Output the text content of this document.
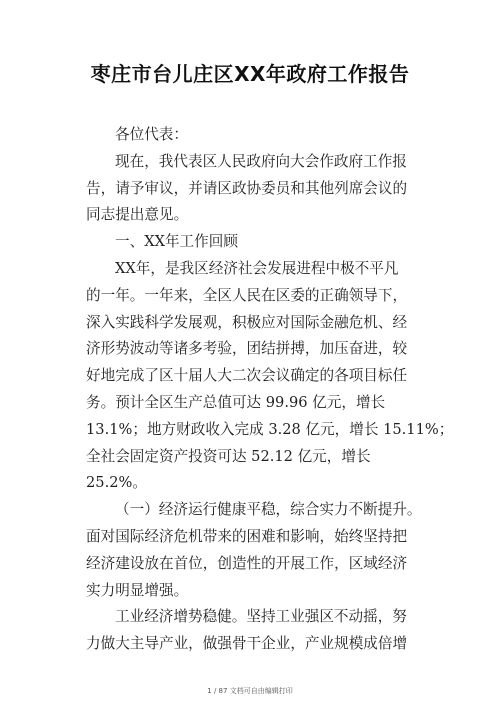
枣庄市台儿庄区XX年政府工作报告
各位代表：
现在，我代表区人民政府向大会作政府工作报
告，请予审议，并请区政协委员和其他列席会议的
同志提出意见。
一、XX年工作回顾
XX年，是我区经济社会发展进程中极不平凡
的一年。一年来，全区人民在区委的正确领导下，
深入实践科学发展观，积极应对国际金融危机、经
济形势波动等诸多考验，团结拼搏，加压奋进，较
好地完成了区十届人大二次会议确定的各项目标任
务。预计全区生产总值可达 99.96 亿元，增长
13.1%；地方财政收入完成 3.28 亿元，增长 15.11%；
全社会固定资产投资可达 52.12 亿元，增长
25.2%。
（一）经济运行健康平稳，综合实力不断提升。
面对国际经济危机带来的困难和影响，始终坚持把
经济建设放在首位，创造性的开展工作，区域经济
实力明显增强。
工业经济增势稳健。坚持工业强区不动摇，努
力做大主导产业，做强骨干企业，产业规模成倍增
1 / 87 文档可自由编辑打印
